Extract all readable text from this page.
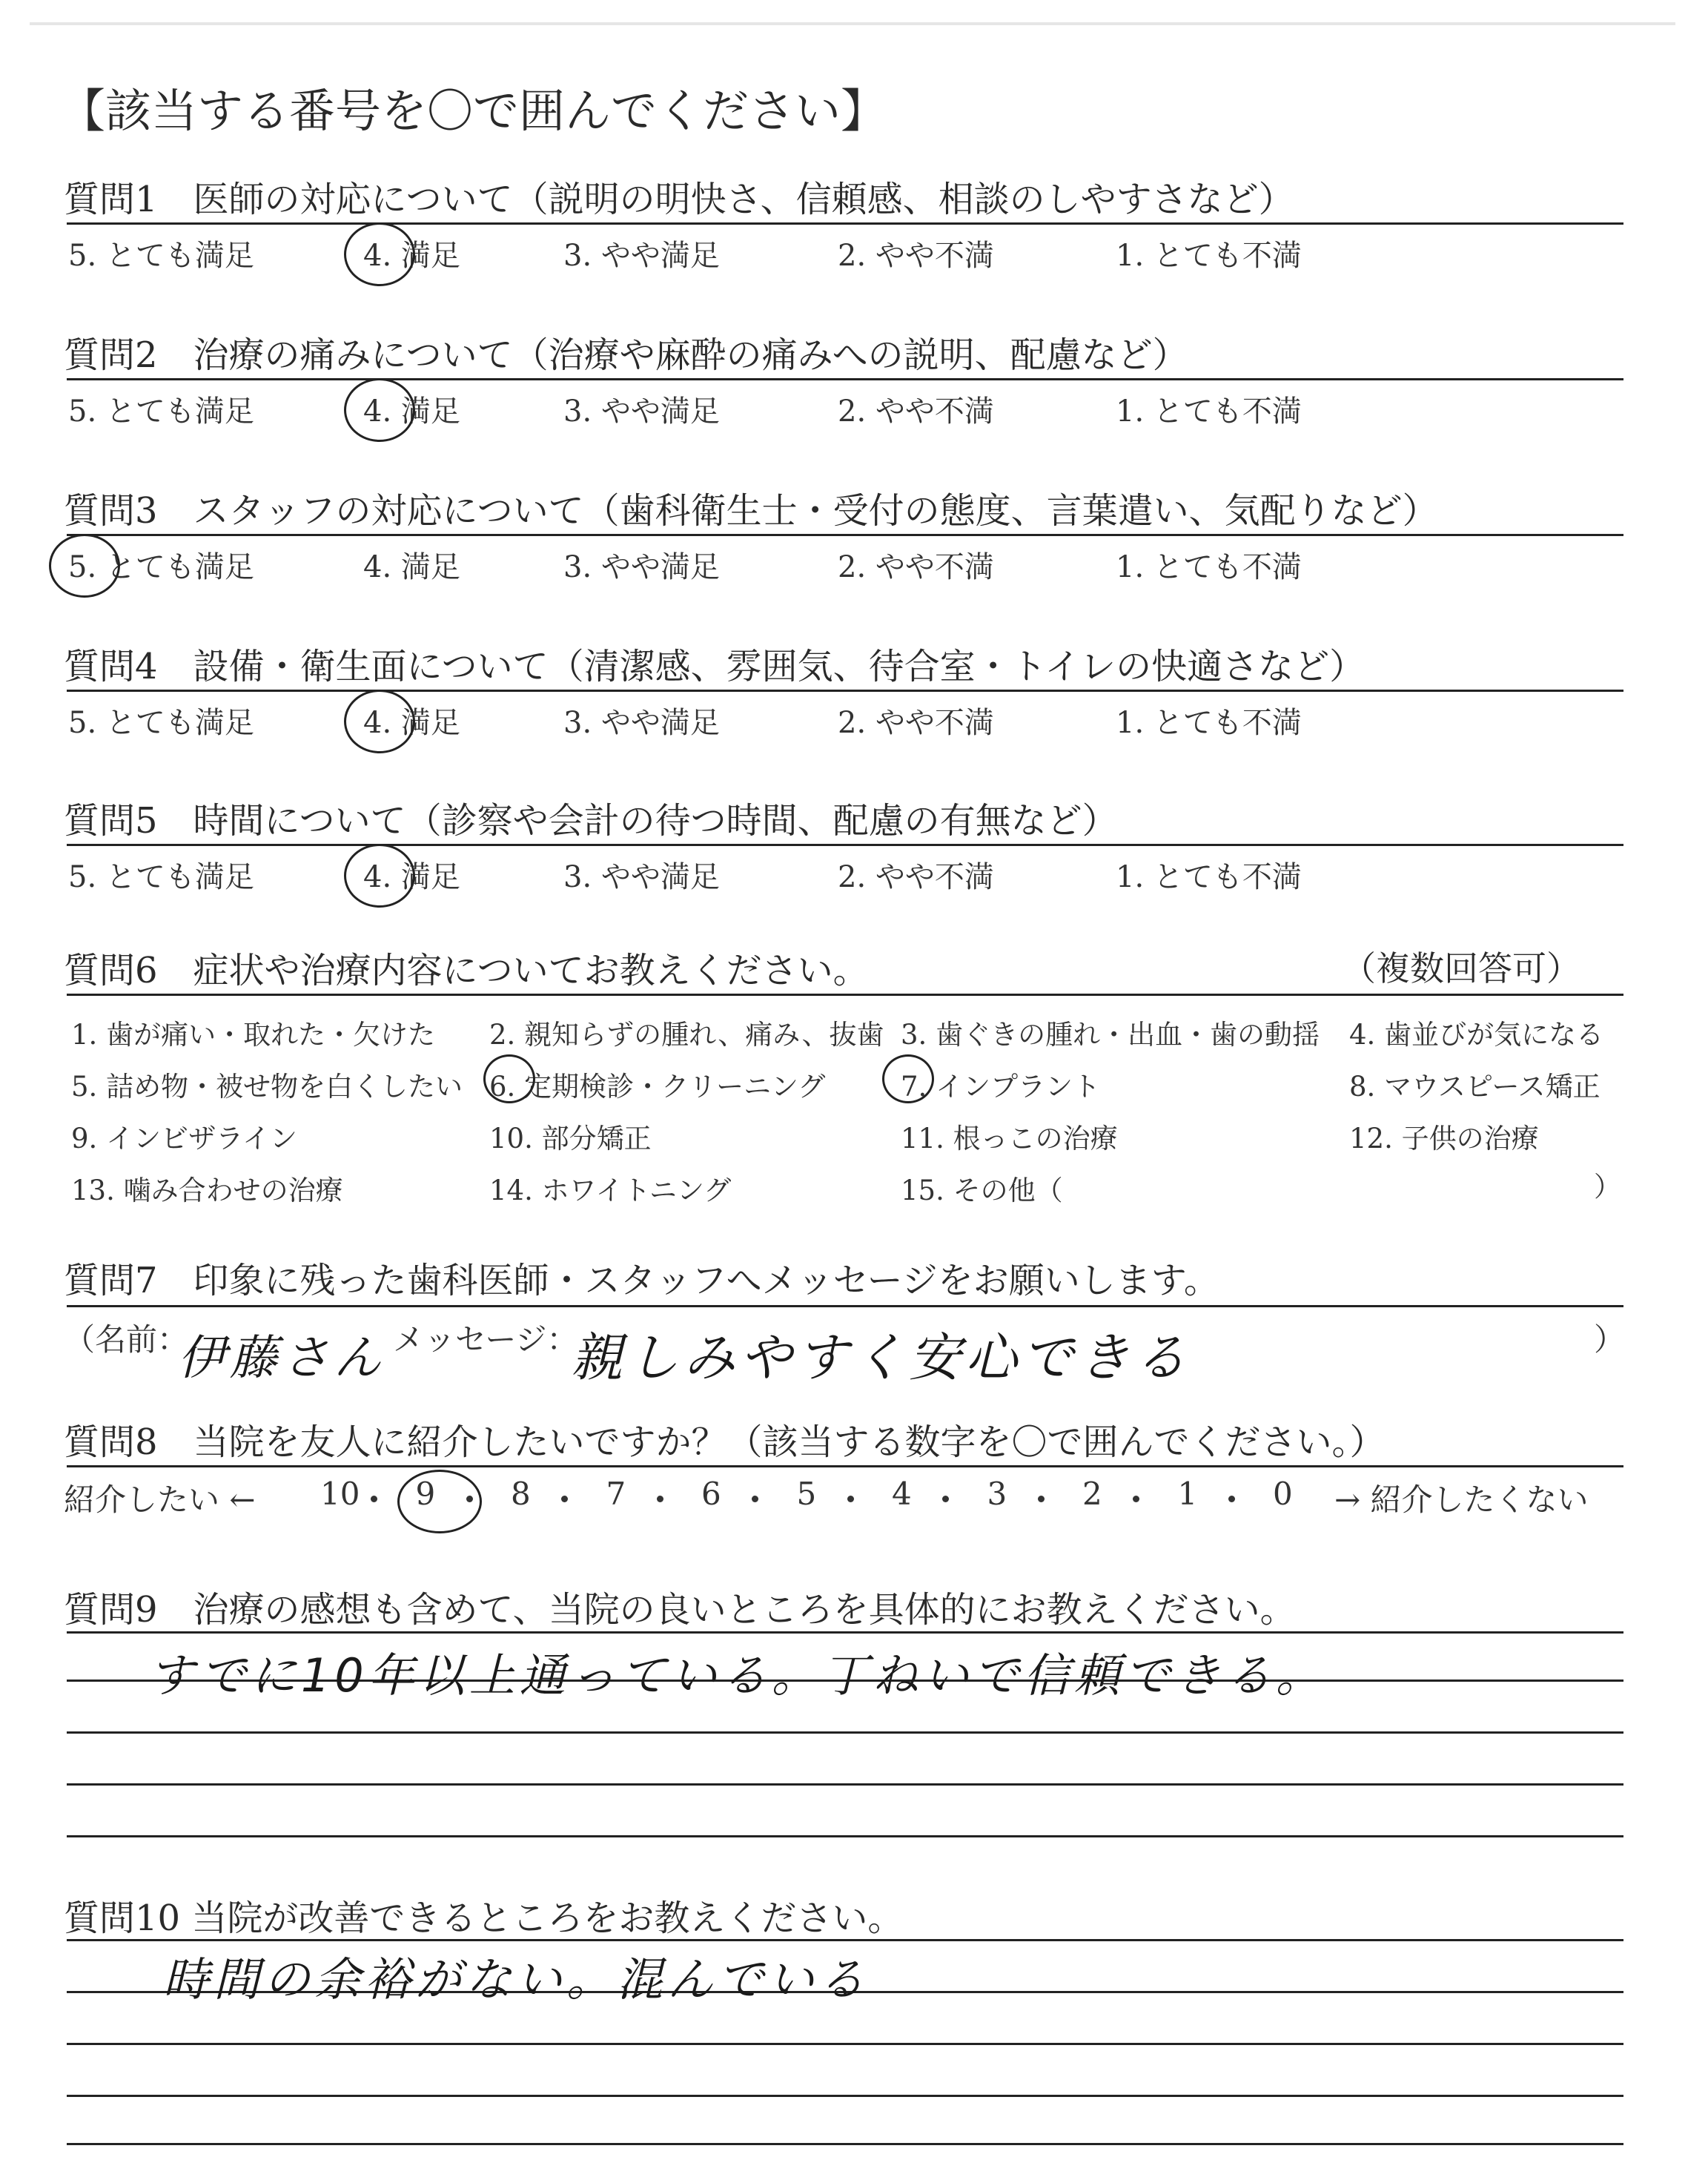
【該当する番号を〇で囲んでください】
質問1　医師の対応について（説明の明快さ、信頼感、相談のしやすさなど）
5. とても満足	4. 満足	3. やや満足	2. やや不満	1. とても不満
質問2　治療の痛みについて（治療や麻酔の痛みへの説明、配慮など）
5. とても満足	4. 満足	3. やや満足	2. やや不満	1. とても不満
質問3　スタッフの対応について（歯科衛生士・受付の態度、言葉遣い、気配りなど）
5. とても満足	4. 満足	3. やや満足	2. やや不満	1. とても不満
質問4　設備・衛生面について（清潔感、雰囲気、待合室・トイレの快適さなど）
5. とても満足	4. 満足	3. やや満足	2. やや不満	1. とても不満
質問5　時間について（診察や会計の待つ時間、配慮の有無など）
5. とても満足	4. 満足	3. やや満足	2. やや不満	1. とても不満
質問6　症状や治療内容についてお教えください。	（複数回答可）
1. 歯が痛い・取れた・欠けた 2. 親知らずの腫れ、痛み、抜歯 3. 歯ぐきの腫れ・出血・歯の動揺 4. 歯並びが気になる
5. 詰め物・被せ物を白くしたい 6. 定期検診・クリーニング	7. インプラント	8. マウスピース矯正
9. インビザライン	10. 部分矯正	11. 根っこの治療	12. 子供の治療
13. 噛み合わせの治療	14. ホワイトニング	15. その他（	）
質問7　印象に残った歯科医師・スタッフへメッセージをお願いします。
（名前：
伊藤さん メッセージ：
親しみやすく安心できる	）
質問8　当院を友人に紹介したいですか？（該当する数字を〇で囲んでください。）
紹介したい ← 10 9 8 7 6 5 4 3 2 1 0 → 紹介したくない
質問9　治療の感想も含めて、当院の良いところを具体的にお教えください。
すでに10年以上通っている。丁ねいで信頼できる。
質問10 当院が改善できるところをお教えください。
時間の余裕がない。混んでいる
